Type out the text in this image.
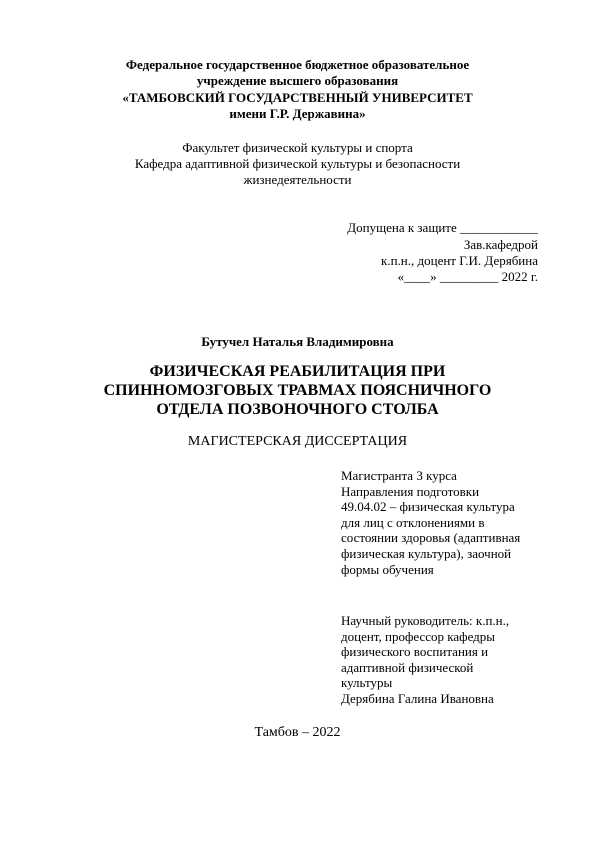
Федеральное государственное бюджетное образовательное
учреждение высшего образования
«ТАМБОВСКИЙ ГОСУДАРСТВЕННЫЙ УНИВЕРСИТЕТ
имени Г.Р. Державина»
Факультет физической культуры и спорта
Кафедра адаптивной физической культуры и безопасности
жизнедеятельности
Допущена к защите ____________
Зав.кафедрой
к.п.н., доцент Г.И. Дерябина
«____» _________ 2022 г.
Бутучел Наталья Владимировна
ФИЗИЧЕСКАЯ РЕАБИЛИТАЦИЯ ПРИ
СПИННОМОЗГОВЫХ ТРАВМАХ ПОЯСНИЧНОГО
ОТДЕЛА ПОЗВОНОЧНОГО СТОЛБА
МАГИСТЕРСКАЯ ДИССЕРТАЦИЯ
Магистранта 3 курса
Направления подготовки
49.04.02 – физическая культура
для лиц с отклонениями в
состоянии здоровья (адаптивная
физическая культура), заочной
формы обучения
Научный руководитель: к.п.н.,
доцент, профессор кафедры
физического воспитания и
адаптивной физической
культуры
Дерябина Галина Ивановна
Тамбов – 2022
